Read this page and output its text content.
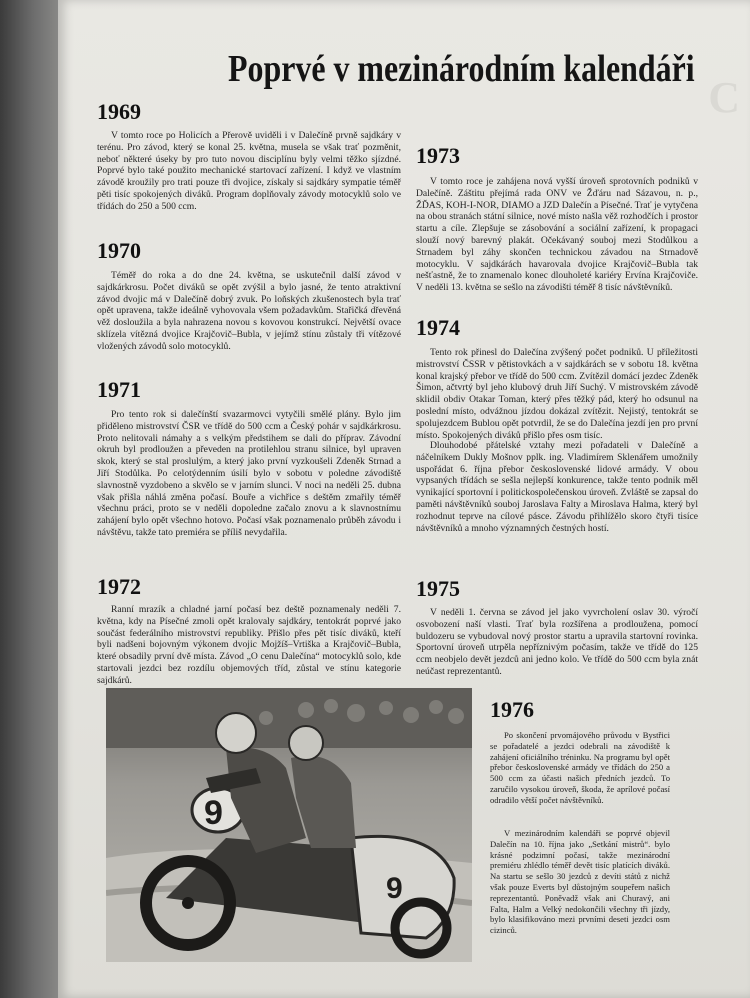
C
Poprvé v mezinárodním kalendáři
1969

V tomto roce po Holicích a Přerově uviděli i v Dalečíně prvně sajdkáry v terénu. Pro závod, který se konal 25. května, musela se však trať pozměnit, neboť některé úseky by pro tuto novou disciplínu byly velmi těžko sjízdné. Poprvé bylo také použito mechanické startovací zařízení. I když ve vlastním závodě kroužily pro trati pouze tři dvojice, získaly si sajdkáry sympatie téměř pěti tisíc spokojených diváků. Program doplňovaly závody motocyklů solo ve třídách do 250 a 500 ccm.

1970

Téměř do roka a do dne 24. května, se uskutečnil další závod v sajdkárkrosu. Počet diváků se opět zvýšil a bylo jasné, že tento atraktivní závod dvojic má v Dalečíně dobrý zvuk. Po loňských zkušenostech byla trať opět upravena, takže ideálně vyhovovala všem požadavkům. Stařičká dřevěná věž dosloužila a byla nahrazena novou s kovovou konstrukcí. Největší ovace sklízela vítězná dvojice Krajčovič–Bubla, v jejímž stínu zůstaly tři vítězové vložených závodů solo motocyklů.

1971

Pro tento rok si dalečínští svazarmovci vytyčili smělé plány. Bylo jim přiděleno mistrovství ČSR ve třídě do 500 ccm a Český pohár v sajdkárkrosu. Proto nelitovali námahy a s velkým předstihem se dali do příprav. Závodní okruh byl prodloužen a převeden na protilehlou stranu silnice, byl upraven skok, který se stal proslulým, a který jako první vyzkoušeli Zdeněk Strnad a Jiří Stodůlka. Po celotýdenním úsilí bylo v sobotu v poledne závodiště slavnostně vyzdobeno a skvělo se v jarním slunci. V noci na neděli 25. dubna však přišla náhlá změna počasí. Bouře a vichřice s deštěm zmařily téměř všechnu práci, proto se v neděli dopoledne začalo znovu a k slavnostnímu zahájení bylo opět všechno hotovo. Počasí však poznamenalo průběh závodu i návštěvu, takže tato premiéra se příliš nevydařila.

1972

Ranní mrazík a chladné jarní počasí bez deště poznamenaly neděli 7. května, kdy na Písečné zmoli opět kralovaly sajdkáry, tentokrát poprvé jako součást federálního mistrovství republiky. Přišlo přes pět tisíc diváků, kteří byli nadšeni bojovným výkonem dvojic Mojžíš–Vrtiška a Krajčovič–Bubla, které obsadily první dvě místa. Závod „O cenu Dalečína“ motocyklů solo, kde startovali jezdci bez rozdílu objemových tříd, zůstal ve stínu kategorie sajdkárů.

1973

V tomto roce je zahájena nová vyšší úroveň sprotovních podniků v Dalečíně. Záštitu přejímá rada ONV ve Žďáru nad Sázavou, n. p., ŽĎAS, KOH-I-NOR, DIAMO a JZD Dalečín a Písečné. Trať je vytyčena na obou stranách státní silnice, nové místo našla věž rozhodčích i prostor startu a cíle. Zlepšuje se zásobování a sociální zařízení, k propagaci slouží nový barevný plakát. Očekávaný souboj mezi Stodůlkou a Strnadem byl záhy skončen technickou závadou na Strnadově motocyklu. V sajdkárách havarovala dvojice Krajčovič–Bubla tak nešťastně, že to znamenalo konec dlouholeté kariéry Ervína Krajčoviče. V neděli 13. května se sešlo na závodišti téměř 8 tisíc návštěvníků.

1974

Tento rok přinesl do Dalečína zvýšený počet podniků. U příležitosti mistrovství ČSSR v pětistovkách a v sajdkárách se v sobotu 18. května konal krajský přebor ve třídě do 500 ccm. Zvítězil domácí jezdec Zdeněk Šimon, ačtvrtý byl jeho klubový druh Jiří Suchý. V mistrovském závodě sklidil obdiv Otakar Toman, který přes těžký pád, který ho odsunul na poslední místo, odvážnou jízdou dokázal zvítězit. Nejistý, tentokrát se spolujezdcem Bublou opět potvrdil, že se do Dalečína jezdí jen pro první místo. Spokojených diváků přišlo přes osm tisíc.

Dlouhodobé přátelské vztahy mezi pořadateli v Dalečíně a náčelníkem Dukly Mošnov pplk. ing. Vladimírem Sklenářem umožnily uspořádat 6. října přebor československé lidové armády. V obou vypsaných třídách se sešla nejlepší konkurence, takže tento podnik měl vynikající sportovní i politickospolečenskou úroveň. Zvláště se zapsal do paměti návštěvníků souboj Jaroslava Falty a Miroslava Halma, který byl rozhodnut teprve na cílové pásce. Závodu přihlížělo skoro čtyři tisíce návštěvníků a mnoho významných čestných hostí.

1975

V neděli 1. června se závod jel jako vyvrcholení oslav 30. výročí osvobození naší vlasti. Trať byla rozšířena a prodloužena, pomocí buldozeru se vybudoval nový prostor startu a upravila startovní rovinka. Sportovní úroveň utrpěla nepříznivým počasím, takže ve třídě do 125 ccm neobjelo devět jezdců ani jedno kolo. Ve třídě do 500 ccm byla znát neúčast reprezentantů.

1976

Po skončení prvomájového průvodu v Bystřici se pořadatelé a jezdci odebrali na závodiště k zahájení oficiálního tréninku. Na programu byl opět přebor československé armády ve třídách do 250 a 500 ccm za účasti našich předních jezdců. To zaručilo vysokou úroveň, škoda, že aprílové počasí odradilo větší počet návštěvníků.

V mezinárodním kalendáři se poprvé objevil Dalečín na 10. října jako „Setkání mistrů“. bylo krásné podzimní počasí, takže mezinárodní premiéru zhlédlo téměř devět tisíc platících diváků. Na startu se sešlo 30 jezdců z devíti států z nichž však pouze Everts byl důstojným soupeřem našich reprezentantů. Poněvadž však ani Churavý, ani Falta, Halm a Velký nedokončili všechny tři jízdy, bylo klasifikováno mezi prvními deseti jezdci osm cizinců.

9
9
